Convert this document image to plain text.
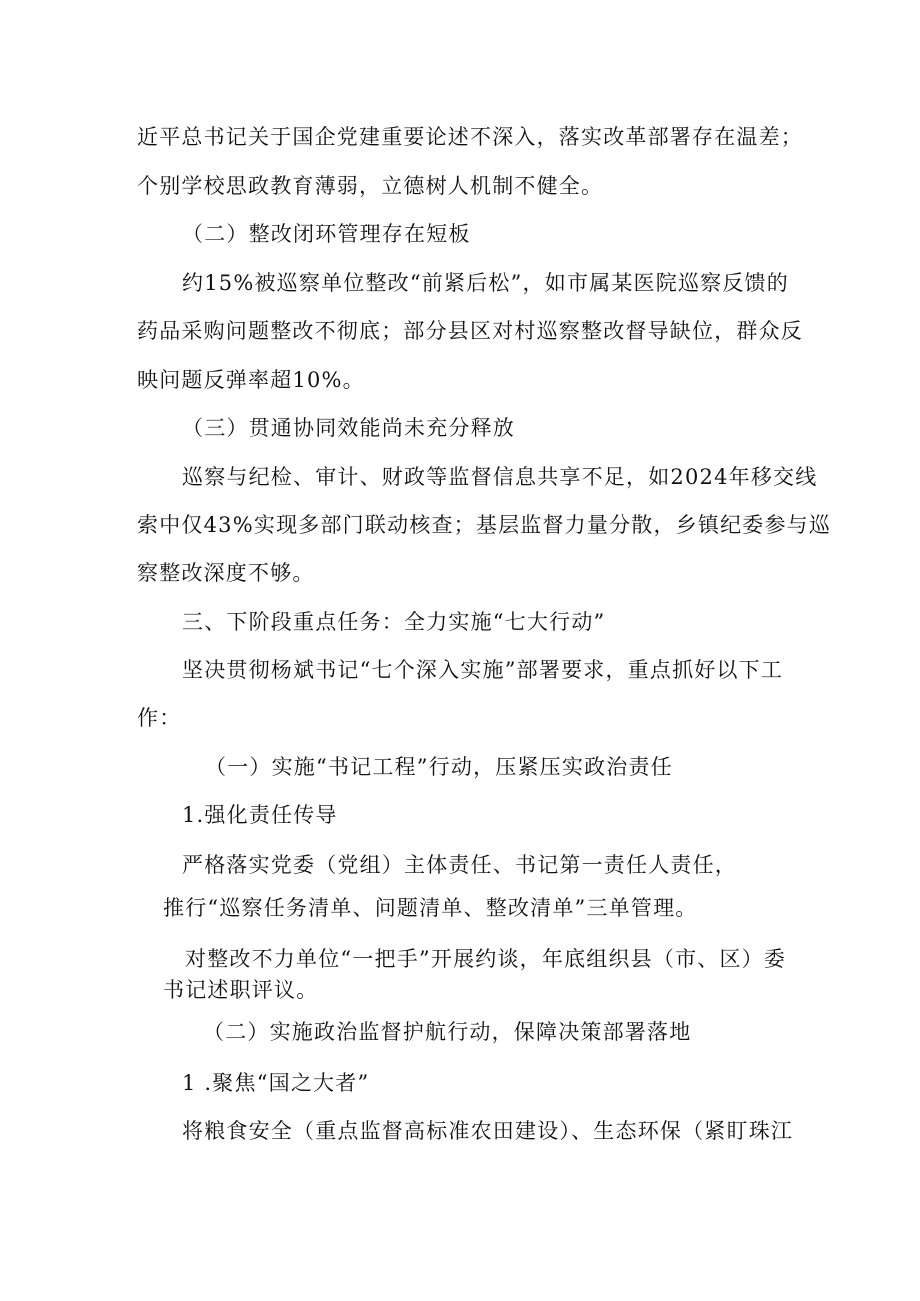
近平总书记关于国企党建重要论述不深入，落实改革部署存在温差；
个别学校思政教育薄弱，立德树人机制不健全。
（二）整改闭环管理存在短板
约15%被巡察单位整改“前紧后松”，如市属某医院巡察反馈的
药品采购问题整改不彻底；部分县区对村巡察整改督导缺位，群众反
映问题反弹率超10%。
（三）贯通协同效能尚未充分释放
巡察与纪检、审计、财政等监督信息共享不足，如2024年移交线
索中仅43%实现多部门联动核查；基层监督力量分散，乡镇纪委参与巡
察整改深度不够。
三、下阶段重点任务：全力实施“七大行动”
坚决贯彻杨斌书记“七个深入实施”部署要求，重点抓好以下工
作：
（一）实施“书记工程”行动，压紧压实政治责任
1.强化责任传导
严格落实党委（党组）主体责任、书记第一责任人责任，
推行“巡察任务清单、问题清单、整改清单”三单管理。
对整改不力单位“一把手”开展约谈，年底组织县（市、区）委
书记述职评议。
（二）实施政治监督护航行动，保障决策部署落地
1 .聚焦“国之大者”
将粮食安全（重点监督高标准农田建设）、生态环保（紧盯珠江
